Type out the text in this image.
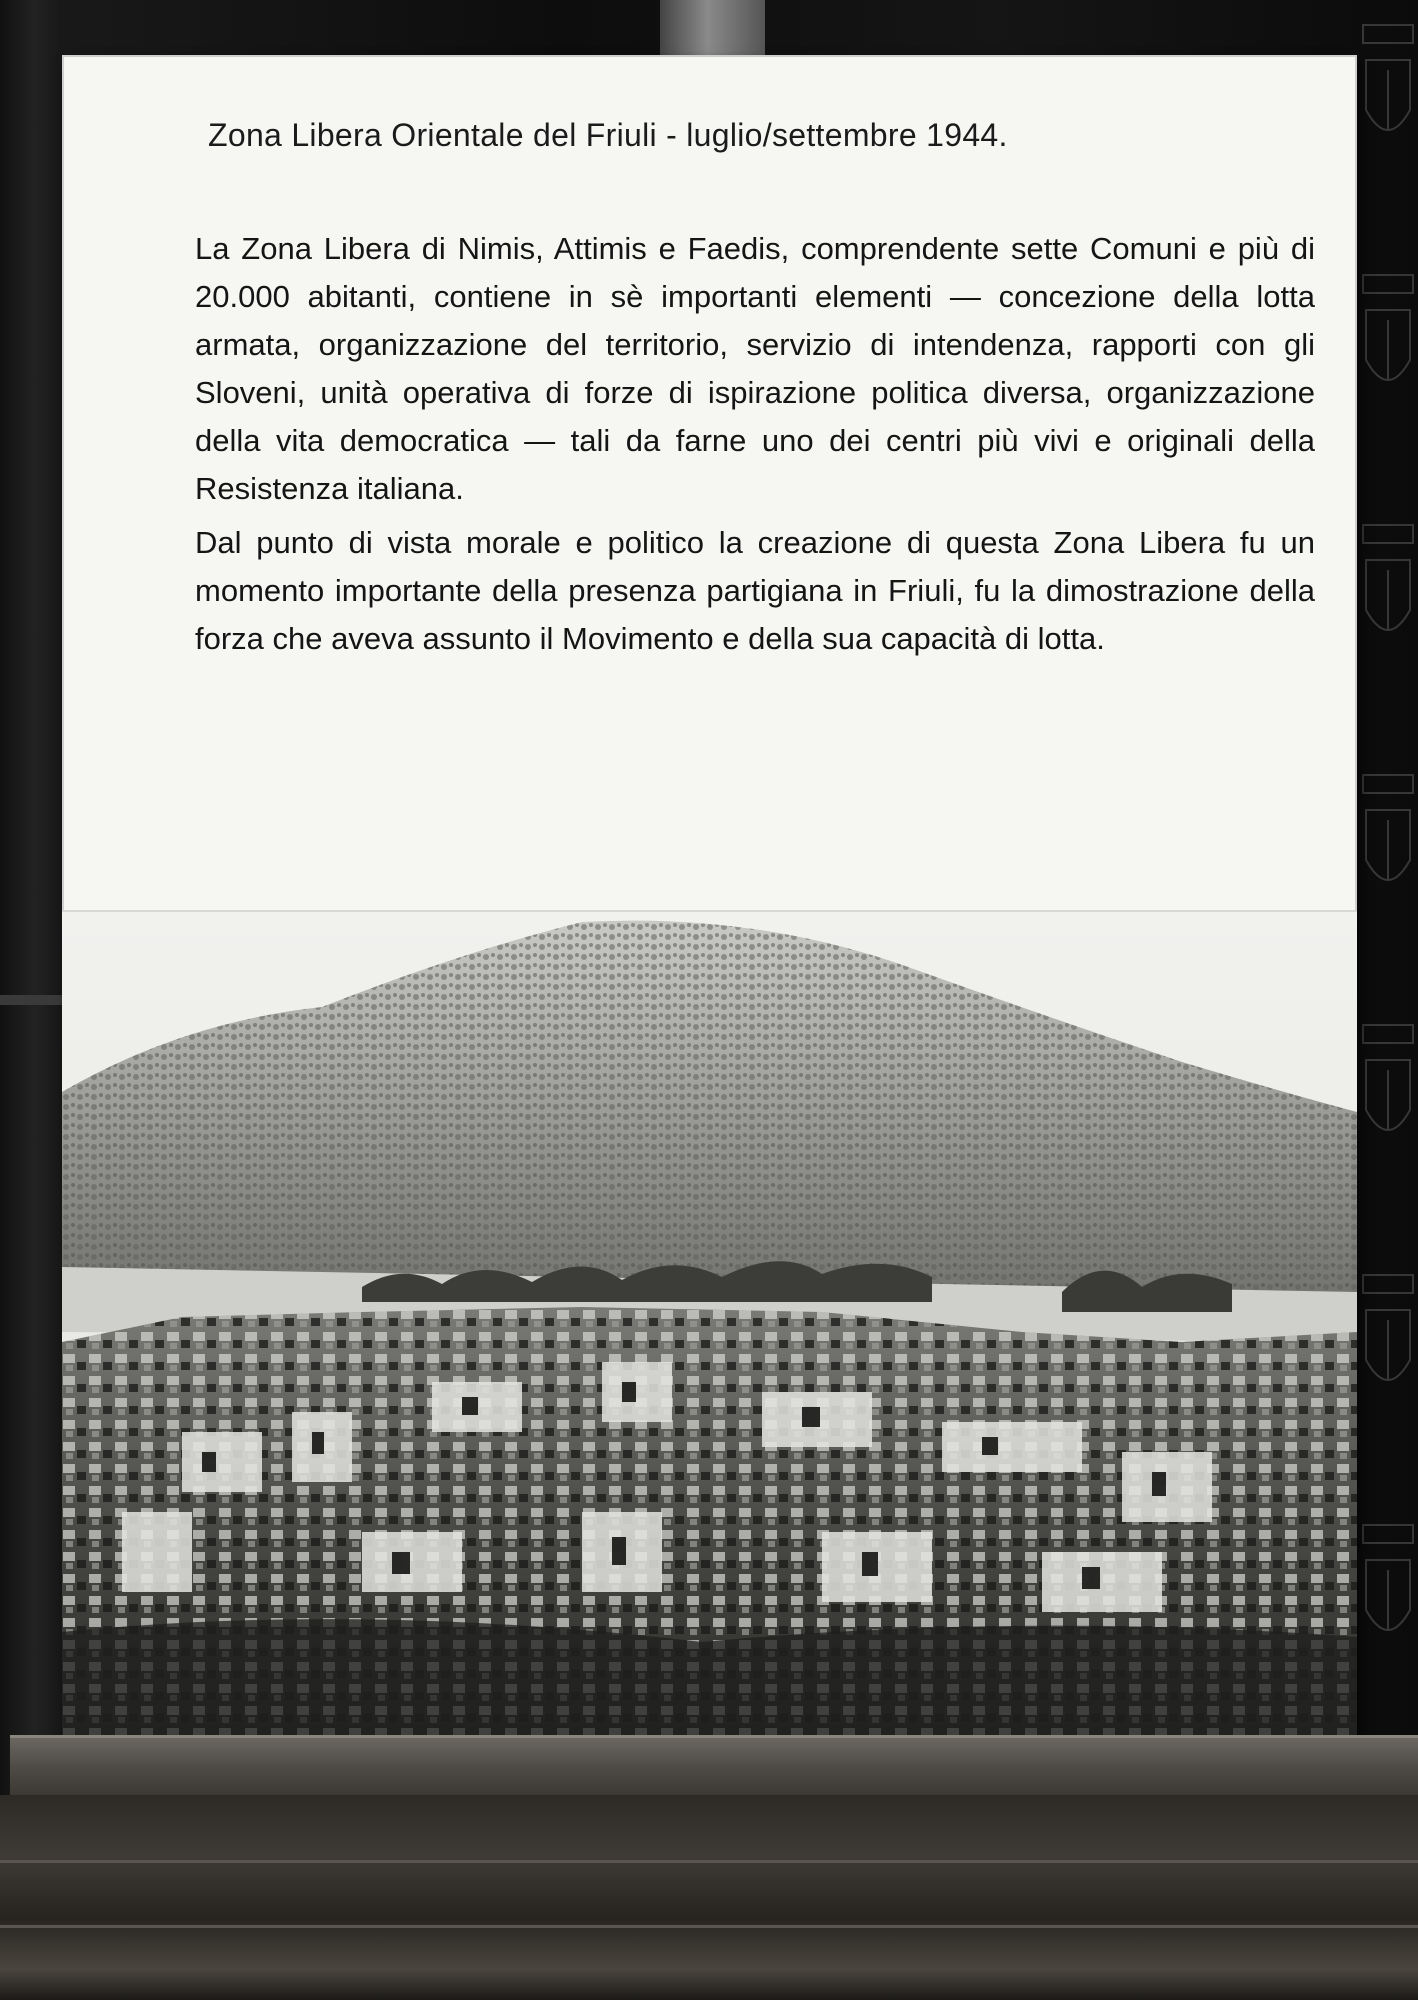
Zona Libera Orientale del Friuli - luglio/settembre 1944.

La Zona Libera di Nimis, Attimis e Faedis, comprendente sette Comuni e più di 20.000 abitanti, contiene in sè importanti elementi — concezione della lotta armata, organizzazione del territorio, servizio di intendenza, rapporti con gli Sloveni, unità operativa di forze di ispirazione politica diversa, organizzazione della vita democratica — tali da farne uno dei centri più vivi e originali della Resistenza italiana.

Dal punto di vista morale e politico la creazione di questa Zona Libera fu un momento importante della presenza partigiana in Friuli, fu la dimostrazione della forza che aveva assunto il Movimento e della sua capacità di lotta.
